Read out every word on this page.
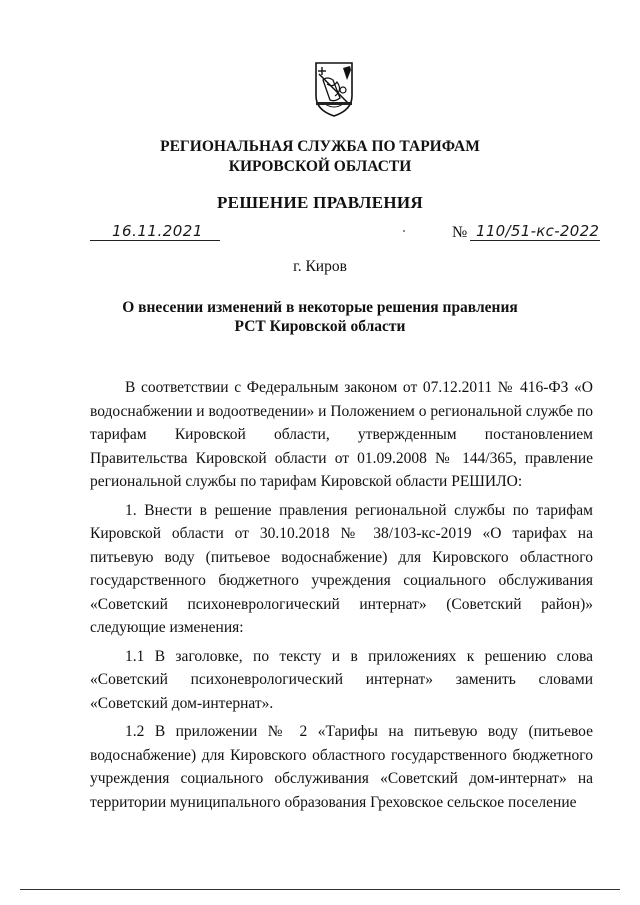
РЕГИОНАЛЬНАЯ СЛУЖБА ПО ТАРИФАМ
КИРОВСКОЙ ОБЛАСТИ
РЕШЕНИЕ ПРАВЛЕНИЯ
16.11.2021	№ 110/51-кс-2022
г. Киров
О внесении изменений в некоторые решения правления
РСТ Кировской области

В соответствии с Федеральным законом от 07.12.2011 № 416-ФЗ «О водоснабжении и водоотведении» и Положением о региональной службе по тарифам Кировской области, утвержденным постановлением Правительства Кировской области от 01.09.2008 № 144/365, правление региональной службы по тарифам Кировской области РЕШИЛО:

1. Внести в решение правления региональной службы по тарифам Кировской области от 30.10.2018 № 38/103-кс-2019 «О тарифах на питьевую воду (питьевое водоснабжение) для Кировского областного государственного бюджетного учреждения социального обслуживания «Советский психоневрологический интернат» (Советский район)» следующие изменения:

1.1 В заголовке, по тексту и в приложениях к решению слова «Советский психоневрологический интернат» заменить словами «Советский дом-интернат».

1.2 В приложении № 2 «Тарифы на питьевую воду (питьевое водоснабжение) для Кировского областного государственного бюджетного учреждения социального обслуживания «Советский дом-интернат» на территории муниципального образования Греховское сельское поселение
